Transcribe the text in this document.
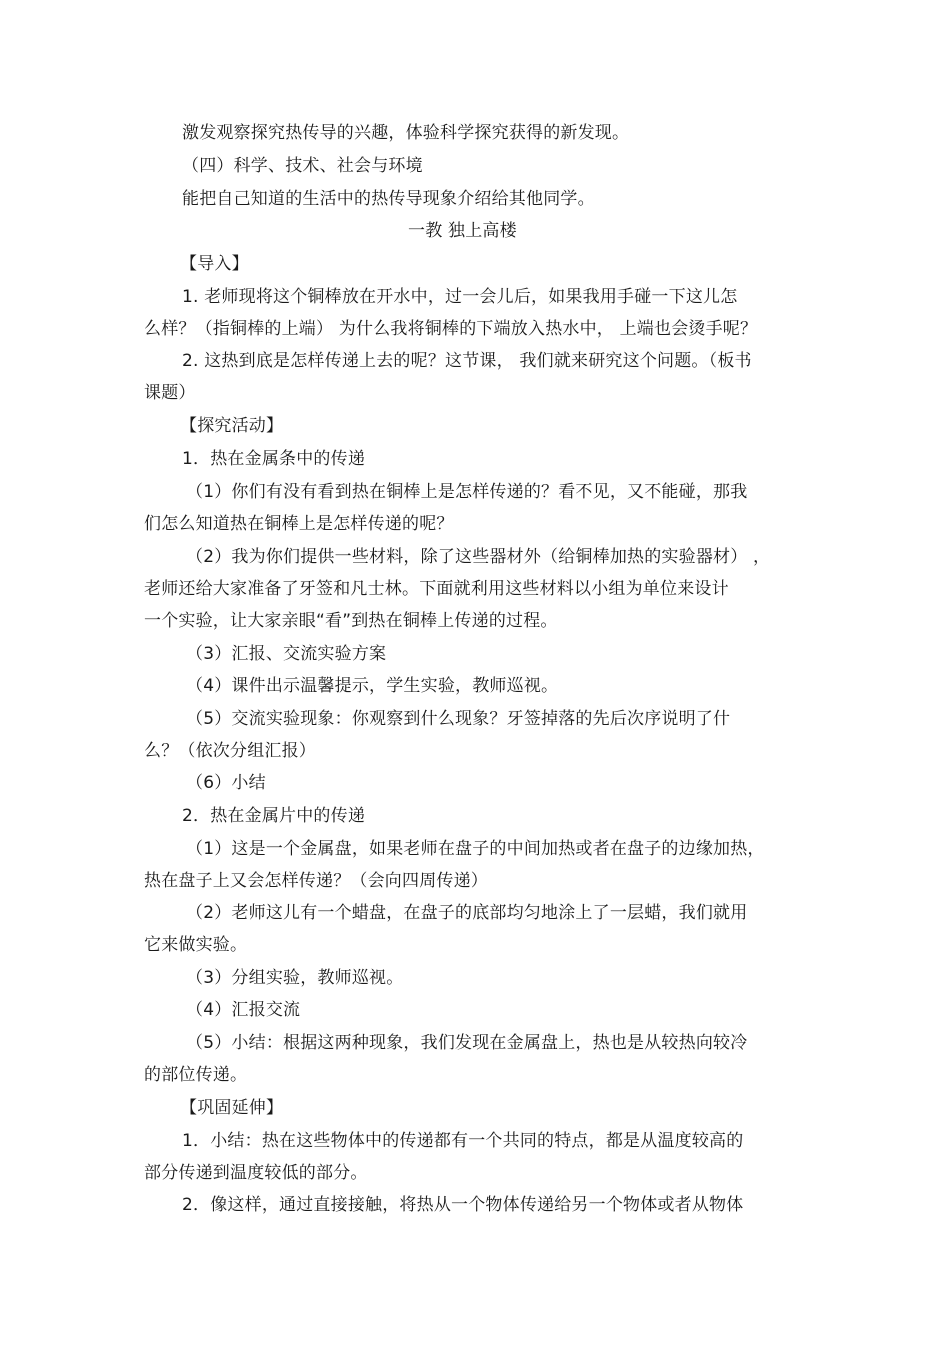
激发观察探究热传导的兴趣，体验科学探究获得的新发现。
（四）科学、技术、社会与环境
能把自己知道的生活中的热传导现象介绍给其他同学。
一教 独上高楼
【导入】
1. 老师现将这个铜棒放在开水中，过一会儿后，如果我用手碰一下这儿怎
么样？（指铜棒的上端） 为什么我将铜棒的下端放入热水中， 上端也会烫手呢？
2. 这热到底是怎样传递上去的呢？这节课， 我们就来研究这个问题。（板书
课题）
【探究活动】
1．热在金属条中的传递
（1）你们有没有看到热在铜棒上是怎样传递的？看不见，又不能碰，那我
们怎么知道热在铜棒上是怎样传递的呢？
（2）我为你们提供一些材料，除了这些器材外（给铜棒加热的实验器材） ，
老师还给大家准备了牙签和凡士林。下面就利用这些材料以小组为单位来设计
一个实验，让大家亲眼“看”到热在铜棒上传递的过程。
（3）汇报、交流实验方案
（4）课件出示温馨提示，学生实验，教师巡视。
（5）交流实验现象：你观察到什么现象？牙签掉落的先后次序说明了什
么？（依次分组汇报）
（6）小结
2．热在金属片中的传递
（1）这是一个金属盘，如果老师在盘子的中间加热或者在盘子的边缘加热，
热在盘子上又会怎样传递？（会向四周传递）
（2）老师这儿有一个蜡盘，在盘子的底部均匀地涂上了一层蜡，我们就用
它来做实验。
（3）分组实验，教师巡视。
（4）汇报交流
（5）小结：根据这两种现象，我们发现在金属盘上，热也是从较热向较冷
的部位传递。
【巩固延伸】
1．小结：热在这些物体中的传递都有一个共同的特点，都是从温度较高的
部分传递到温度较低的部分。
2．像这样，通过直接接触，将热从一个物体传递给另一个物体或者从物体
